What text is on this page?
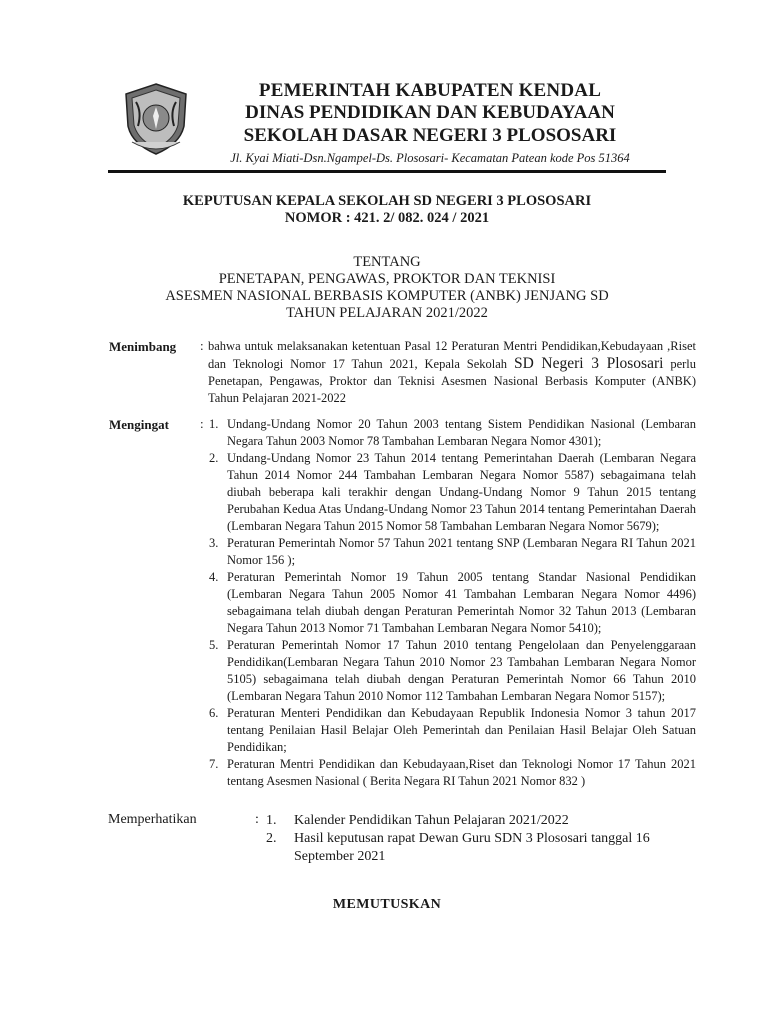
PEMERINTAH KABUPATEN KENDAL
DINAS PENDIDIKAN DAN KEBUDAYAAN
SEKOLAH DASAR NEGERI 3 PLOSOSARI
Jl. Kyai Miati-Dsn.Ngampel-Ds. Plososari- Kecamatan Patean kode Pos 51364
KEPUTUSAN KEPALA SEKOLAH SD NEGERI 3 PLOSOSARI
NOMOR : 421. 2/ 082. 024 / 2021
TENTANG
PENETAPAN, PENGAWAS, PROKTOR DAN TEKNISI
ASESMEN NASIONAL BERBASIS KOMPUTER (ANBK) JENJANG SD
TAHUN PELAJARAN 2021/2022
Menimbang : bahwa untuk melaksanakan ketentuan Pasal 12 Peraturan Mentri Pendidikan,Kebudayaan ,Riset dan Teknologi Nomor 17 Tahun 2021, Kepala Sekolah SD Negeri 3 Plososari perlu Penetapan, Pengawas, Proktor dan Teknisi Asesmen Nasional Berbasis Komputer (ANBK) Tahun Pelajaran 2021-2022
Mengingat : 1. Undang-Undang Nomor 20 Tahun 2003 tentang Sistem Pendidikan Nasional (Lembaran Negara Tahun 2003 Nomor 78 Tambahan Lembaran Negara Nomor 4301);
2. Undang-Undang Nomor 23 Tahun 2014 tentang Pemerintahan Daerah (Lembaran Negara Tahun 2014 Nomor 244 Tambahan Lembaran Negara Nomor 5587) sebagaimana telah diubah beberapa kali terakhir dengan Undang-Undang Nomor 9 Tahun 2015 tentang Perubahan Kedua Atas Undang-Undang Nomor 23 Tahun 2014 tentang Pemerintahan Daerah (Lembaran Negara Tahun 2015 Nomor 58 Tambahan Lembaran Negara Nomor 5679);
3. Peraturan Pemerintah Nomor 57 Tahun 2021 tentang SNP (Lembaran Negara RI Tahun 2021 Nomor 156 );
4. Peraturan Pemerintah Nomor 19 Tahun 2005 tentang Standar Nasional Pendidikan (Lembaran Negara Tahun 2005 Nomor 41 Tambahan Lembaran Negara Nomor 4496) sebagaimana telah diubah dengan Peraturan Pemerintah Nomor 32 Tahun 2013 (Lembaran Negara Tahun 2013 Nomor 71 Tambahan Lembaran Negara Nomor 5410);
5. Peraturan Pemerintah Nomor 17 Tahun 2010 tentang Pengelolaan dan Penyelenggaraan Pendidikan(Lembaran Negara Tahun 2010 Nomor 23 Tambahan Lembaran Negara Nomor 5105) sebagaimana telah diubah dengan Peraturan Pemerintah Nomor 66 Tahun 2010 (Lembaran Negara Tahun 2010 Nomor 112 Tambahan Lembaran Negara Nomor 5157);
6. Peraturan Menteri Pendidikan dan Kebudayaan Republik Indonesia Nomor 3 tahun 2017 tentang Penilaian Hasil Belajar Oleh Pemerintah dan Penilaian Hasil Belajar Oleh Satuan Pendidikan;
7. Peraturan Mentri Pendidikan dan Kebudayaan,Riset dan Teknologi Nomor 17 Tahun 2021 tentang Asesmen Nasional ( Berita Negara RI Tahun 2021 Nomor 832 )
Memperhatikan	: 1. Kalender Pendidikan Tahun Pelajaran 2021/2022
2. Hasil keputusan rapat Dewan Guru SDN 3 Plososari tanggal 16 September 2021
MEMUTUSKAN
